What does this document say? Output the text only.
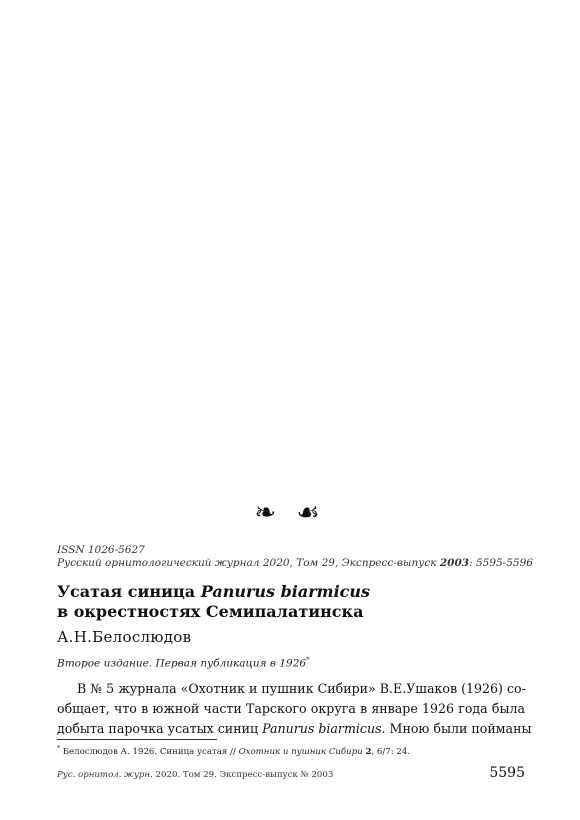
❧ ☙
ISSN 1026-5627
Русский орнитологический журнал 2020, Том 29, Экспресс-выпуск 2003: 5595-5596
Усатая синица Panurus biarmicus
в окрестностях Семипалатинска
А.Н.Белослюдов
Второе издание. Первая публикация в 1926*
В № 5 журнала «Охотник и пушник Сибири» В.Е.Ушаков (1926) со-
общает, что в южной части Тарского округа в январе 1926 года была
добыта парочка усатых синиц Panurus biarmicus. Мною были пойманы
* Белослюдов А. 1926. Синица усатая // Охотник и пушник Сибири 2, 6/7: 24.
Рус. орнитол. журн. 2020. Том 29. Экспресс-выпуск № 2003	5595
